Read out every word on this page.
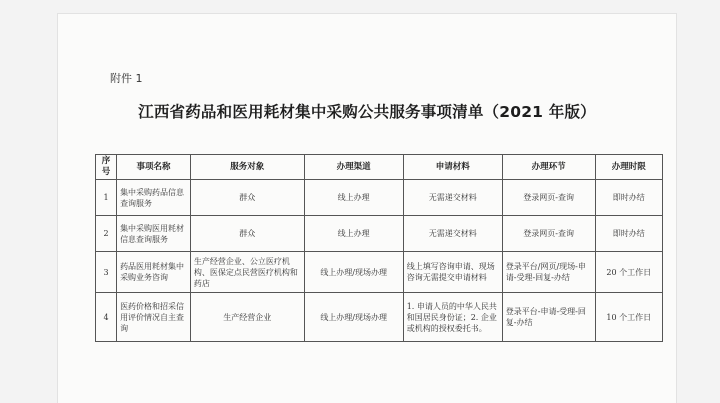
附件 1
江西省药品和医用耗材集中采购公共服务事项清单（2021 年版）
序号	事项名称	服务对象	办理渠道	申请材料	办理环节	办理时限
1	集中采购药品信息查询服务	群众	线上办理	无需递交材料	登录网页-查询	即时办结
2	集中采购医用耗材信息查询服务	群众	线上办理	无需递交材料	登录网页-查询	即时办结
3	药品医用耗材集中采购业务咨询	生产经营企业、公立医疗机构、医保定点民营医疗机构和药店	线上办理/现场办理	线上填写咨询申请、现场咨询无需提交申请材料	登录平台/网页/现场-申请-受理-回复-办结	20 个工作日
4	医药价格和招采信用评价情况自主查询	生产经营企业	线上办理/现场办理	1. 申请人员的中华人民共和国居民身份证；2. 企业或机构的授权委托书。	登录平台-申请-受理-回复-办结	10 个工作日
